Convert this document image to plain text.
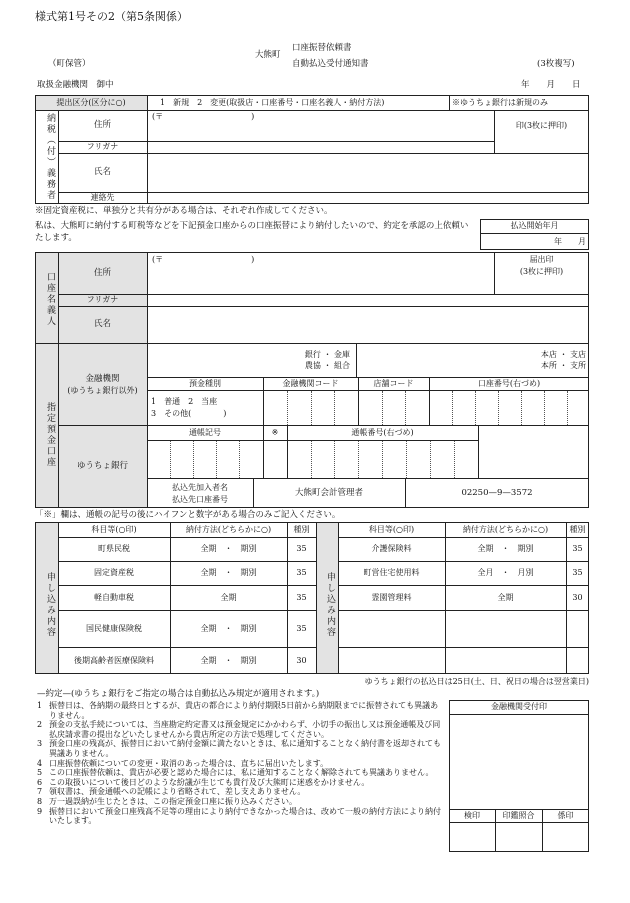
様式第1号その2（第5条関係）
大熊町
口座振替依頼書
自動払込受付通知書
（町保管）	(3枚複写)
取扱金融機関　御中	年　　月　　日
提出区分(区分に○)	1　新規　2　変更(取扱店・口座番号・口座名義人・納付方法)	※ゆうちょ銀行は新規のみ
納税（付）義務者	住所
(〒　　　　　　　　　　　)
印(3枚に押印)
フリガナ
氏名
連絡先
※固定資産税に、単独分と共有分がある場合は、それぞれ作成してください。
私は、大熊町に納付する町税等などを下記預金口座からの口座振替により納付したいので、約定を承認の上依頼いたします。
払込開始年月
年　　月
口座名義人	住所
(〒　　　　　　　　　　　)	届出印
(3枚に押印)
フリガナ
氏名
指定預金口座
金融機関
(ゆうちょ銀行以外)
銀行 ・ 金庫
農協 ・ 組合
本店 ・ 支店
本所 ・ 支所
預金種別	金融機関コード	店舗コード	口座番号(右づめ)
1　普通　2　当座
3　その他(　　　　)
ゆうちょ銀行
通帳記号	※	通帳番号(右づめ)
払込先加入者名
払込先口座番号
大熊町会計管理者	02250—9—3572
「※」欄は、通帳の記号の後にハイフンと数字がある場合のみご記入ください。
申し込み内容	申し込み内容
科目等(○印)	納付方法(どちらかに○)	種別	科目等(○印)	納付方法(どちらかに○)	種別
町県民税	全期　・　期別	35
固定資産税	全期　・　期別	35
軽自動車税	全期	35
国民健康保険税	全期　・　期別	35
後期高齢者医療保険料	全期　・　期別	30
介護保険料	全期　・　期別	35
町営住宅使用料	全月　・　月別	35
霊園管理料	全期	30
ゆうちょ銀行の払込日は25日(土、日、祝日の場合は翌営業日)
—約定—(ゆうちょ銀行をご指定の場合は自動払込み規定が適用されます。)
1 振替日は、各納期の最終日とするが、貴店の都合により納付期限5日前から納期限までに振替されても異議ありません。
2 預金の支払手続については、当座勘定約定書又は預金規定にかかわらず、小切手の振出し又は預金通帳及び同払戻請求書の提出などいたしませんから貴店所定の方法で処理してください。
3 預金口座の残高が、振替日において納付金額に満たないときは、私に通知することなく納付書を返却されても異議ありません。
4 口座振替依頼についての変更・取消のあった場合は、直ちに届出いたします。
5 この口座振替依頼は、貴店が必要と認めた場合には、私に通知することなく解除されても異議ありません。
6 この取扱いについて後日どのような紛議が生じても貴行及び大熊町に迷惑をかけません。
7 領収書は、預金通帳への記帳により省略されて、差し支えありません。
8 万一過誤納が生じたときは、この指定預金口座に振り込みください。
9 振替日において預金口座残高不足等の理由により納付できなかった場合は、改めて一般の納付方法により納付いたします。
金融機関受付印
検印	印鑑照合	係印
